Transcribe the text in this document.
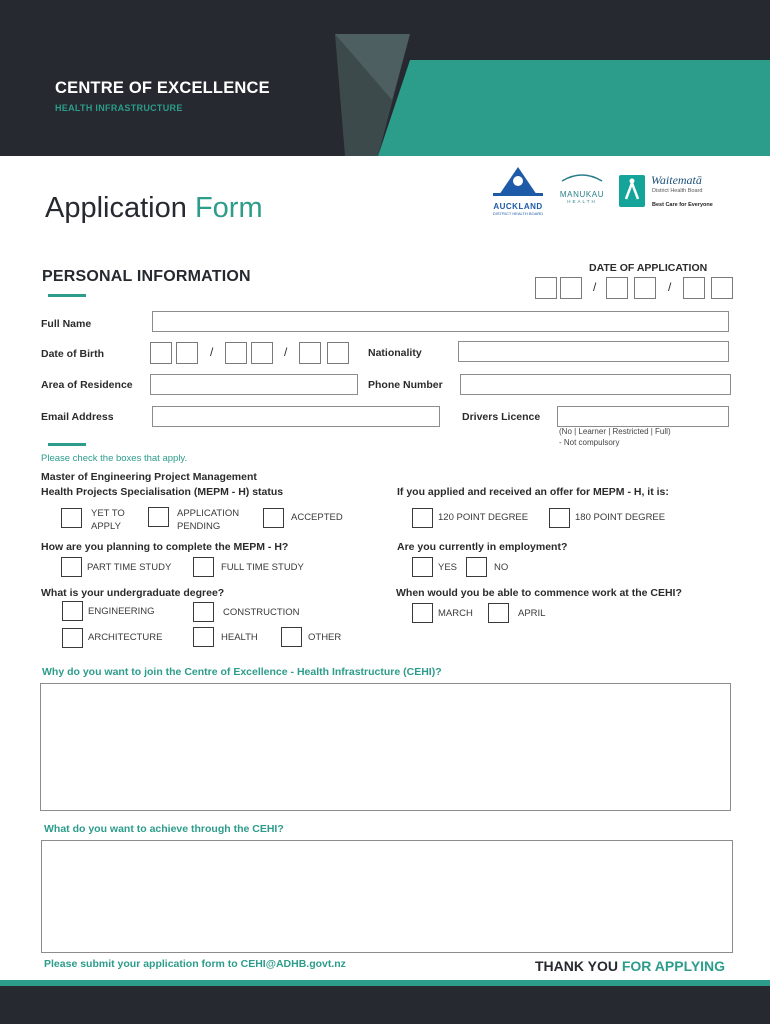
CENTRE OF EXCELLENCE
HEALTH INFRASTRUCTURE
AUCKLAND
DISTRICT HEALTH BOARD
MANUKAU
HEALTH
Waitematā
District Health Board
Best Care for Everyone
Application Form
PERSONAL INFORMATION	DATE OF APPLICATION
/	/
Full Name
Date of Birth	/	/	Nationality
Area of Residence	Phone Number
Email Address	Drivers Licence
(No | Learner | Restricted | Full)
- Not compulsory
Please check the boxes that apply.
Master of Engineering Project Management
Health Projects Specialisation (MEPM - H) status
YET TO
APPLY
APPLICATION
PENDING
ACCEPTED
If you applied and received an offer for MEPM - H, it is:
120 POINT DEGREE	180 POINT DEGREE
How are you planning to complete the MEPM - H?
PART TIME STUDY	FULL TIME STUDY
Are you currently in employment?
YES	NO
What is your undergraduate degree?
ENGINEERING	CONSTRUCTION
ARCHITECTURE	HEALTH	OTHER
When would you be able to commence work at the CEHI?
MARCH	APRIL
Why do you want to join the Centre of Excellence - Health Infrastructure (CEHI)?
What do you want to achieve through the CEHI?
Please submit your application form to CEHI@ADHB.govt.nz	THANK YOU FOR APPLYING
